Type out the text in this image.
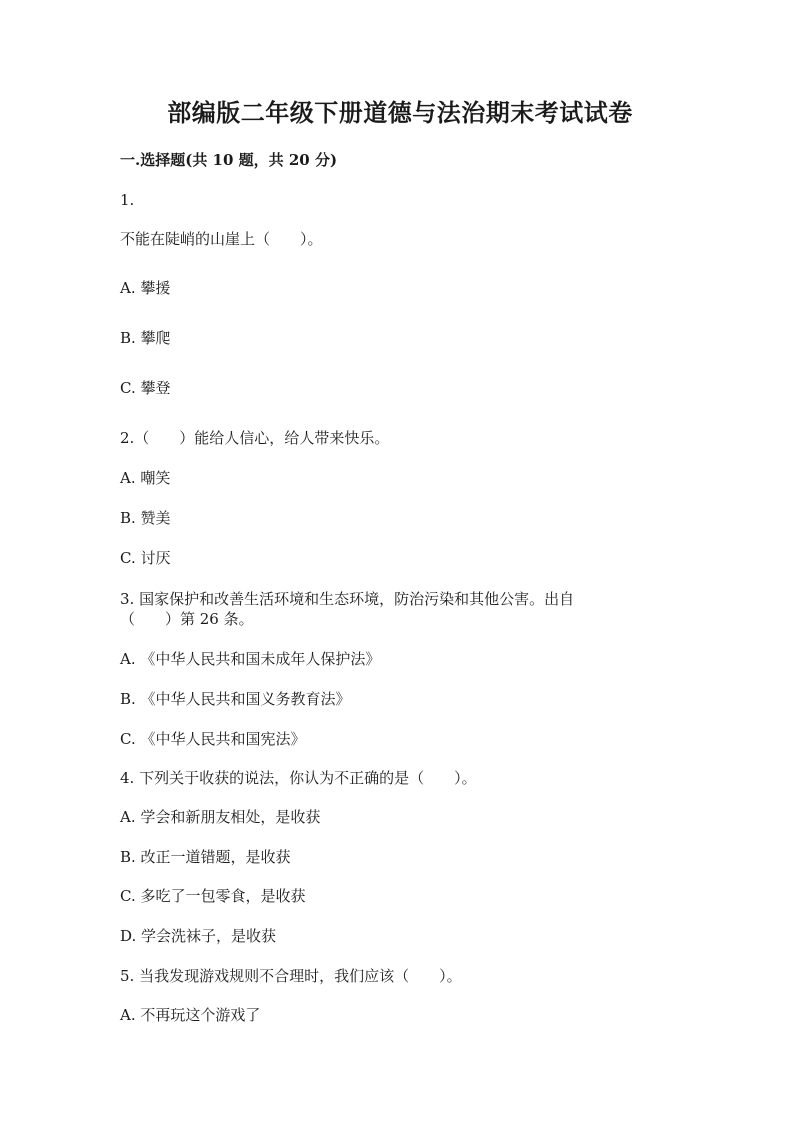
部编版二年级下册道德与法治期末考试试卷
一.选择题(共 10 题，共 20 分)
1.
不能在陡峭的山崖上（　　）。
A. 攀援
B. 攀爬
C. 攀登
2.（　　）能给人信心，给人带来快乐。
A. 嘲笑
B. 赞美
C. 讨厌
3. 国家保护和改善生活环境和生态环境，防治污染和其他公害。出自
（　　）第 26 条。
A. 《中华人民共和国未成年人保护法》
B. 《中华人民共和国义务教育法》
C. 《中华人民共和国宪法》
4. 下列关于收获的说法，你认为不正确的是（　　）。
A. 学会和新朋友相处，是收获
B. 改正一道错题，是收获
C. 多吃了一包零食，是收获
D. 学会洗袜子，是收获
5. 当我发现游戏规则不合理时，我们应该（　　）。
A. 不再玩这个游戏了
